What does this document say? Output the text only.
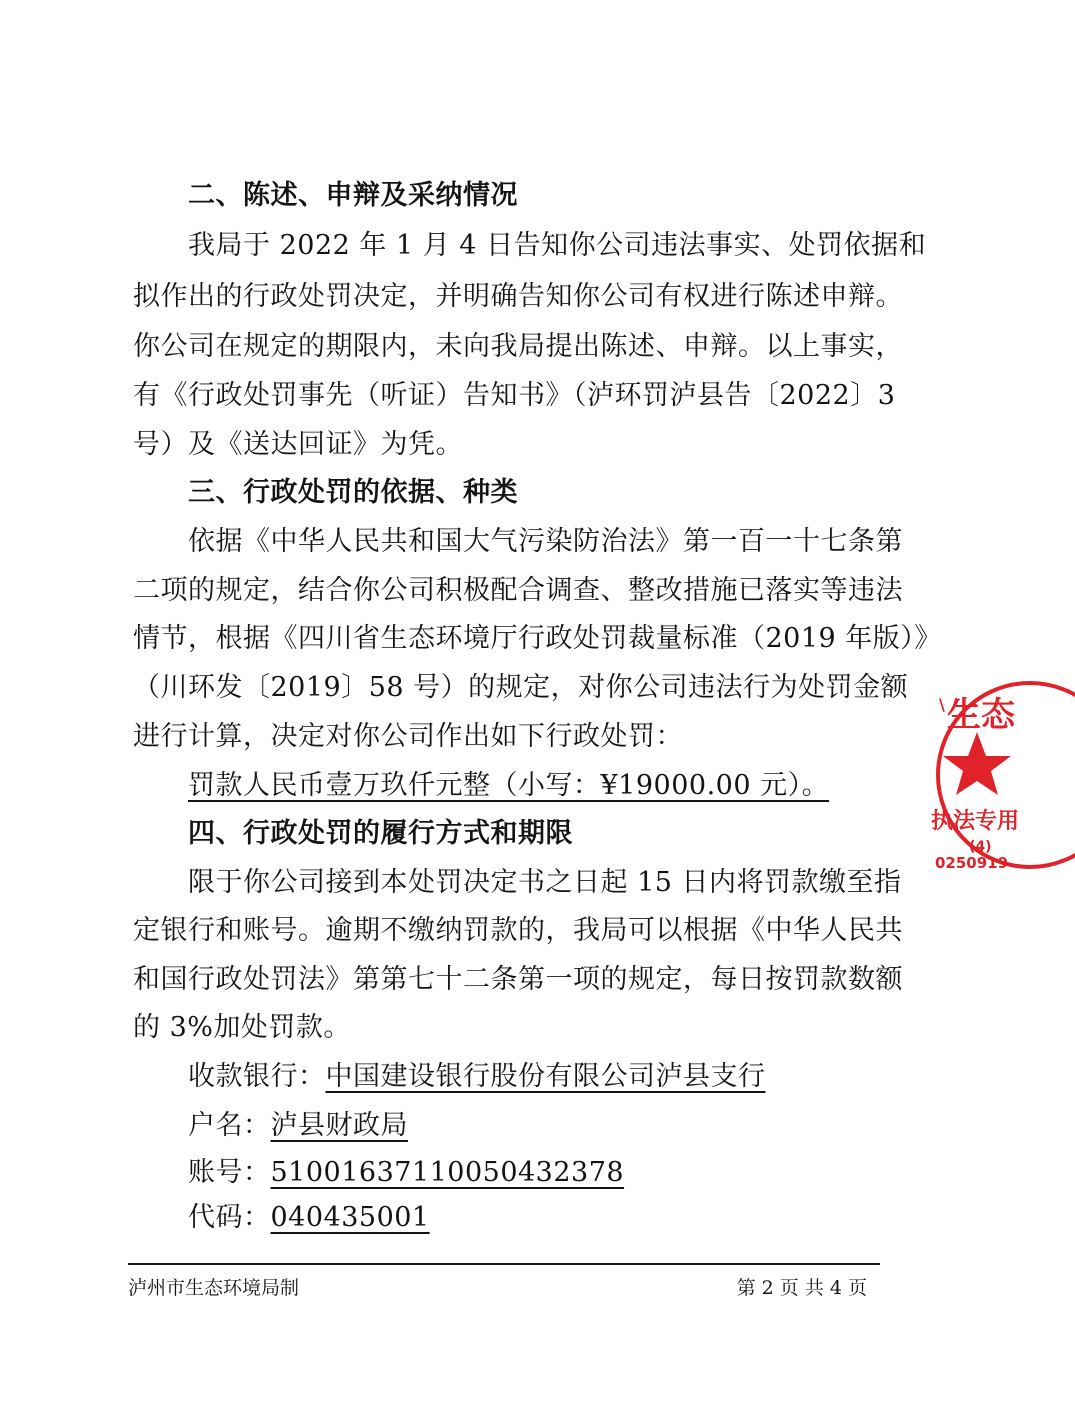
二、陈述、申辩及采纳情况
我局于 2022 年 1 月 4 日告知你公司违法事实、处罚依据和
拟作出的行政处罚决定，并明确告知你公司有权进行陈述申辩。
你公司在规定的期限内，未向我局提出陈述、申辩。以上事实，
有《行政处罚事先（听证）告知书》（泸环罚泸县告〔2022〕3
号）及《送达回证》为凭。
三、行政处罚的依据、种类
依据《中华人民共和国大气污染防治法》第一百一十七条第
二项的规定，结合你公司积极配合调查、整改措施已落实等违法
情节，根据《四川省生态环境厅行政处罚裁量标准（2019 年版）》
（川环发〔2019〕58 号）的规定，对你公司违法行为处罚金额
进行计算，决定对你公司作出如下行政处罚：
罚款人民币壹万玖仟元整（小写：¥19000.00 元）。
四、行政处罚的履行方式和期限
限于你公司接到本处罚决定书之日起 15 日内将罚款缴至指
定银行和账号。逾期不缴纳罚款的，我局可以根据《中华人民共
和国行政处罚法》第第七十二条第一项的规定，每日按罚款数额
的 3%加处罚款。
收款银行：中国建设银行股份有限公司泸县支行
户名：泸县财政局
账号：51001637110050432378
代码：040435001
泸州市生态环境局制	第 2 页 共 4 页
\ 生态
执法专用
(4)
0250919
